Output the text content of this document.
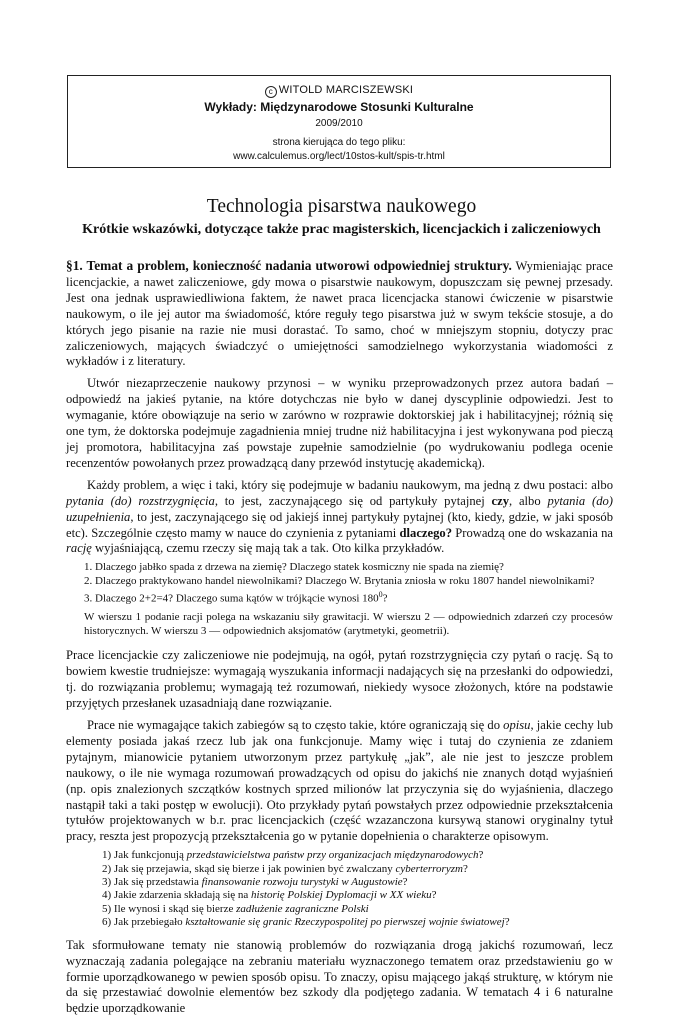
c WITOLD MARCISZEWSKI
Wykłady: Międzynarodowe Stosunki Kulturalne
2009/2010
strona kierująca do tego pliku:
www.calculemus.org/lect/10stos-kult/spis-tr.html
Technologia pisarstwa naukowego
Krótkie wskazówki, dotyczące także prac magisterskich, licencjackich i zaliczeniowych

§1. Temat a problem, konieczność nadania utworowi odpowiedniej struktury. Wymieniając prace licencjackie, a nawet zaliczeniowe, gdy mowa o pisarstwie naukowym, dopuszczam się pewnej przesady. Jest ona jednak usprawiedliwiona faktem, że nawet praca licencjacka stanowi ćwiczenie w pisarstwie naukowym, o ile jej autor ma świadomość, które reguły tego pisarstwa już w swym tekście stosuje, a do których jego pisanie na razie nie musi dorastać. To samo, choć w mniejszym stopniu, dotyczy prac zaliczeniowych, mających świadczyć o umiejętności samodzielnego wykorzystania wiadomości z wykładów i z literatury.

Utwór niezaprzeczenie naukowy przynosi – w wyniku przeprowadzonych przez autora badań – odpowiedź na jakieś pytanie, na które dotychczas nie było w danej dyscyplinie odpowiedzi. Jest to wymaganie, które obowiązuje na serio w zarówno w rozprawie doktorskiej jak i habilitacyjnej; różnią się one tym, że doktorska podejmuje zagadnienia mniej trudne niż habilitacyjna i jest wykonywana pod pieczą jej promotora, habilitacyjna zaś powstaje zupełnie samodzielnie (po wydrukowaniu podlega ocenie recenzentów powołanych przez prowadzącą dany przewód instytucję akademicką).

Każdy problem, a więc i taki, który się podejmuje w badaniu naukowym, ma jedną z dwu postaci: albo pytania (do) rozstrzygnięcia, to jest, zaczynającego się od partykuły pytajnej czy, albo pytania (do) uzupełnienia, to jest, zaczynającego się od jakiejś innej partykuły pytajnej (kto, kiedy, gdzie, w jaki sposób etc). Szczególnie często mamy w nauce do czynienia z pytaniami dlaczego? Prowadzą one do wskazania na rację wyjaśniającą, czemu rzeczy się mają tak a tak. Oto kilka przykładów.

1. Dlaczego jabłko spada z drzewa na ziemię? Dlaczego statek kosmiczny nie spada na ziemię?
2. Dlaczego praktykowano handel niewolnikami? Dlaczego W. Brytania zniosła w roku 1807 handel niewolnikami?
3. Dlaczego 2+2=4? Dlaczego suma kątów w trójkącie wynosi $180^0$?

W wierszu 1 podanie racji polega na wskazaniu siły grawitacji. W wierszu 2 — odpowiednich zdarzeń czy procesów historycznych. W wierszu 3 — odpowiednich aksjomatów (arytmetyki, geometrii).

Prace licencjackie czy zaliczeniowe nie podejmują, na ogół, pytań rozstrzygnięcia czy pytań o rację. Są to bowiem kwestie trudniejsze: wymagają wyszukania informacji nadających się na przesłanki do odpowiedzi, tj. do rozwiązania problemu; wymagają też rozumowań, niekiedy wysoce złożonych, które na podstawie przyjętych przesłanek uzasadniają dane rozwiązanie.

Prace nie wymagające takich zabiegów są to często takie, które ograniczają się do opisu, jakie cechy lub elementy posiada jakaś rzecz lub jak ona funkcjonuje. Mamy więc i tutaj do czynienia ze zdaniem pytajnym, mianowicie pytaniem utworzonym przez partykułę „jak”, ale nie jest to jeszcze problem naukowy, o ile nie wymaga rozumowań prowadzących od opisu do jakichś nie znanych dotąd wyjaśnień (np. opis znalezionych szczątków kostnych sprzed milionów lat przyczynia się do wyjaśnienia, dlaczego nastąpił taki a taki postęp w ewolucji). Oto przykłady pytań powstałych przez odpowiednie przekształcenia tytułów projektowanych w b.r. prac licencjackich (część wzazanczona kursywą stanowi oryginalny tytuł pracy, reszta jest propozycją przekształcenia go w pytanie dopełnienia o charakterze opisowym.

1) Jak funkcjonują przedstawicielstwa państw przy organizacjach międzynarodowych?
2) Jak się przejawia, skąd się bierze i jak powinien być zwalczany cyberterroryzm?
3) Jak się przedstawia finansowanie rozwoju turystyki w Augustowie?
4) Jakie zdarzenia składają się na historię Polskiej Dyplomacji w XX wieku?
5) Ile wynosi i skąd się bierze zadłużenie zagraniczne Polski
6) Jak przebiegało kształtowanie się granic Rzeczypospolitej po pierwszej wojnie światowej?

Tak sformułowane tematy nie stanowią problemów do rozwiązania drogą jakichś rozumowań, lecz wyznaczają zadania polegające na zebraniu materiału wyznaczonego tematem oraz przedstawieniu go w formie uporządkowanego w pewien sposób opisu. To znaczy, opisu mającego jakąś strukturę, w którym nie da się przestawiać dowolnie elementów bez szkody dla podjętego zadania. W tematach 4 i 6 naturalne będzie uporządkowanie
